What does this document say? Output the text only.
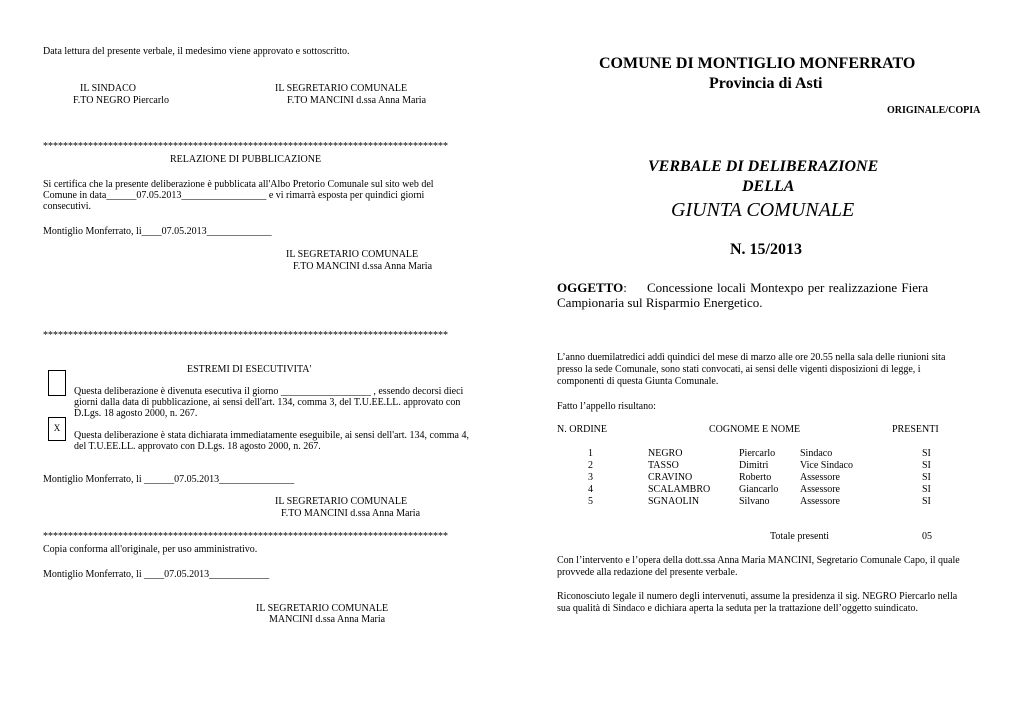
Data lettura del presente verbale, il medesimo viene approvato e sottoscritto.
IL SINDACO
F.TO NEGRO Piercarlo
IL SEGRETARIO COMUNALE
F.TO MANCINI d.ssa Anna Maria
*********************************************************************************
RELAZIONE DI PUBBLICAZIONE
Si certifica che la presente deliberazione è pubblicata all'Albo Pretorio Comunale sul sito web del
Comune in data______07.05.2013_________________ e vi rimarrà esposta per quindici giorni
consecutivi.
Montiglio Monferrato, li____07.05.2013_____________
IL SEGRETARIO COMUNALE
F.TO MANCINI d.ssa Anna Maria
*********************************************************************************
ESTREMI DI ESECUTIVITA'
Questa deliberazione è divenuta esecutiva il giorno __________________ , essendo decorsi dieci
giorni dalla data di pubblicazione, ai sensi dell'art. 134, comma 3, del T.U.EE.LL. approvato con
D.Lgs. 18 agosto 2000, n. 267.
X
Questa deliberazione è stata dichiarata immediatamente eseguibile, ai sensi dell'art. 134, comma 4,
del T.U.EE.LL. approvato con D.Lgs. 18 agosto 2000, n. 267.
Montiglio Monferrato, li ______07.05.2013_______________
IL SEGRETARIO COMUNALE
F.TO MANCINI d.ssa Anna Maria
*********************************************************************************
Copia conforma all'originale, per uso amministrativo.
Montiglio Monferrato, li ____07.05.2013____________
IL SEGRETARIO COMUNALE
MANCINI d.ssa Anna Maria
COMUNE DI MONTIGLIO MONFERRATO
Provincia di Asti
ORIGINALE/COPIA
VERBALE DI DELIBERAZIONE
DELLA
GIUNTA COMUNALE
N. 15/2013
OGGETTO: Concessione locali Montexpo per realizzazione Fiera
Campionaria sul Risparmio Energetico.
L’anno duemilatredici addì quindici del mese di marzo alle ore 20.55 nella sala delle riunioni sita
presso la sede Comunale, sono stati convocati, ai sensi delle vigenti disposizioni di legge, i
componenti di questa Giunta Comunale.
Fatto l’appello risultano:
N. ORDINE	COGNOME E NOME	PRESENTI
1	NEGRO	Piercarlo Sindaco	SI
2	TASSO	Dimitri	Vice Sindaco	SI
3	CRAVINO	Roberto	Assessore	SI
4	SCALAMBRO	Giancarlo Assessore	SI
5	SGNAOLIN	Silvano	Assessore	SI
Totale presenti	05
Con l’intervento e l’opera della dott.ssa Anna Maria MANCINI, Segretario Comunale Capo, il quale
provvede alla redazione del presente verbale.
Riconosciuto legale il numero degli intervenuti, assume la presidenza il sig. NEGRO Piercarlo nella
sua qualità di Sindaco e dichiara aperta la seduta per la trattazione dell’oggetto suindicato.
